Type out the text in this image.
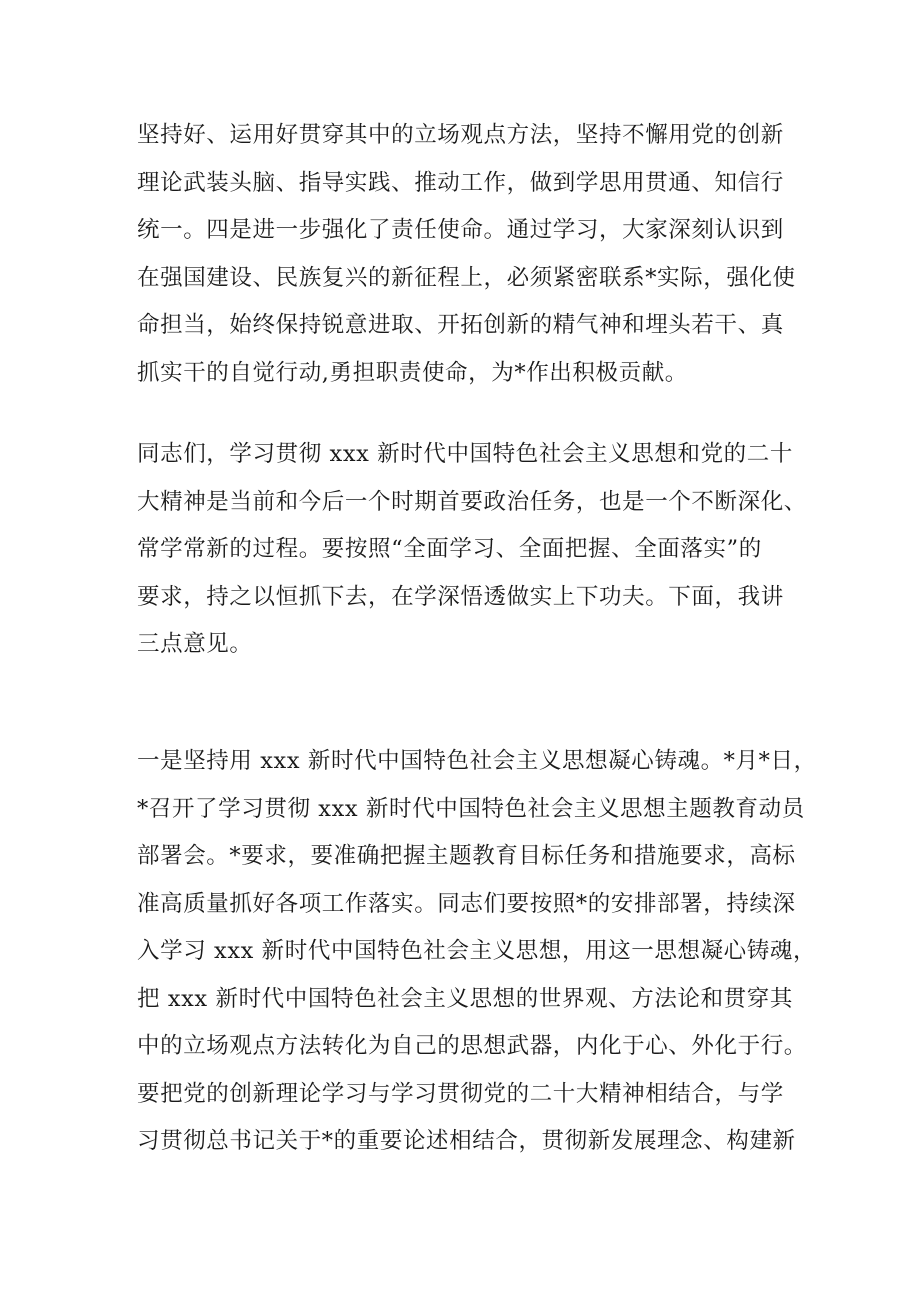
坚持好、运用好贯穿其中的立场观点方法，坚持不懈用党的创新
理论武装头脑、指导实践、推动工作，做到学思用贯通、知信行
统一。四是进一步强化了责任使命。通过学习，大家深刻认识到
在强国建设、民族复兴的新征程上，必须紧密联系*实际，强化使
命担当，始终保持锐意进取、开拓创新的精气神和埋头若干、真
抓实干的自觉行动,勇担职责使命，为*作出积极贡献。
同志们，学习贯彻 xxx 新时代中国特色社会主义思想和党的二十
大精神是当前和今后一个时期首要政治任务，也是一个不断深化、
常学常新的过程。要按照“全面学习、全面把握、全面落实”的
要求，持之以恒抓下去，在学深悟透做实上下功夫。下面，我讲
三点意见。
一是坚持用 xxx 新时代中国特色社会主义思想凝心铸魂。*月*日，
*召开了学习贯彻 xxx 新时代中国特色社会主义思想主题教育动员
部署会。*要求，要准确把握主题教育目标任务和措施要求，高标
准高质量抓好各项工作落实。同志们要按照*的安排部署，持续深
入学习 xxx 新时代中国特色社会主义思想，用这一思想凝心铸魂，
把 xxx 新时代中国特色社会主义思想的世界观、方法论和贯穿其
中的立场观点方法转化为自己的思想武器，内化于心、外化于行。
要把党的创新理论学习与学习贯彻党的二十大精神相结合，与学
习贯彻总书记关于*的重要论述相结合，贯彻新发展理念、构建新
